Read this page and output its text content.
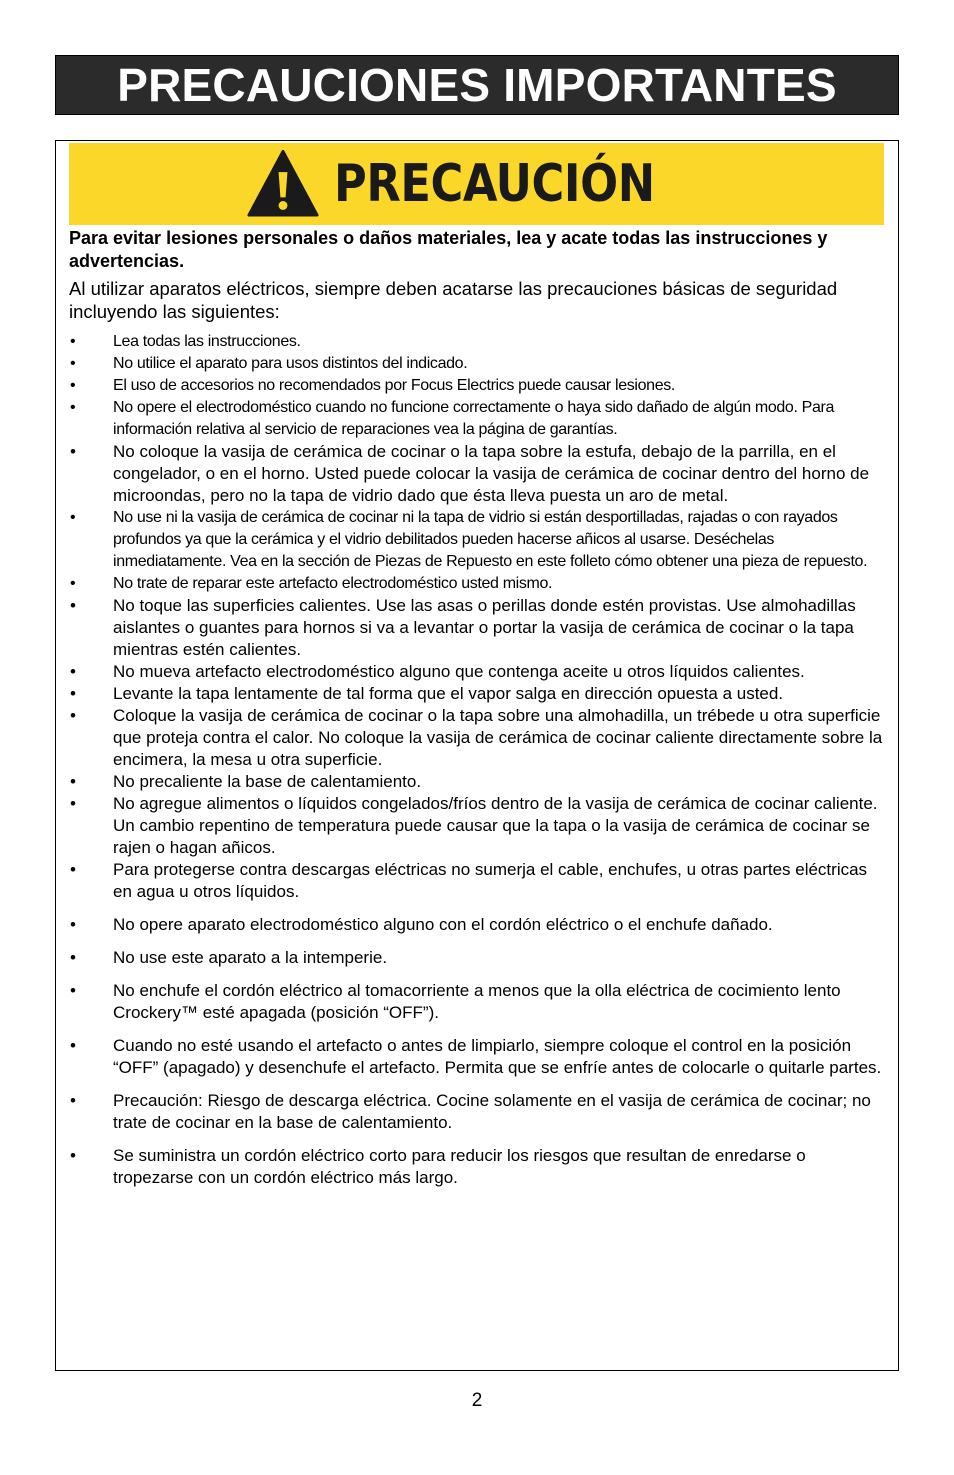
PRECAUCIONES IMPORTANTES
PRECAUCIÓN

Para evitar lesiones personales o daños materiales, lea y acate todas las instrucciones y advertencias.

Al utilizar aparatos eléctricos, siempre deben acatarse las precauciones básicas de seguridad incluyendo las siguientes:

• Lea todas las instrucciones.
• No utilice el aparato para usos distintos del indicado.
• El uso de accesorios no recomendados por Focus Electrics puede causar lesiones.
• No opere el electrodoméstico cuando no funcione correctamente o haya sido dañado de algún modo. Para información relativa al servicio de reparaciones vea la página de garantías.
• No coloque la vasija de cerámica de cocinar o la tapa sobre la estufa, debajo de la parrilla, en el congelador, o en el horno. Usted puede colocar la vasija de cerámica de cocinar dentro del horno de microondas, pero no la tapa de vidrio dado que ésta lleva puesta un aro de metal.
• No use ni la vasija de cerámica de cocinar ni la tapa de vidrio si están desportilladas, rajadas o con rayados profundos ya que la cerámica y el vidrio debilitados pueden hacerse añicos al usarse. Deséchelas inmediatamente. Vea en la sección de Piezas de Repuesto en este folleto cómo obtener una pieza de repuesto.
• No trate de reparar este artefacto electrodoméstico usted mismo.
• No toque las superficies calientes. Use las asas o perillas donde estén provistas. Use almohadillas aislantes o guantes para hornos si va a levantar o portar la vasija de cerámica de cocinar o la tapa mientras estén calientes.
• No mueva artefacto electrodoméstico alguno que contenga aceite u otros líquidos calientes.
• Levante la tapa lentamente de tal forma que el vapor salga en dirección opuesta a usted.
• Coloque la vasija de cerámica de cocinar o la tapa sobre una almohadilla, un trébede u otra superficie que proteja contra el calor. No coloque la vasija de cerámica de cocinar caliente directamente sobre la encimera, la mesa u otra superficie.
• No precaliente la base de calentamiento.
• No agregue alimentos o líquidos congelados/fríos dentro de la vasija de cerámica de cocinar caliente. Un cambio repentino de temperatura puede causar que la tapa o la vasija de cerámica de cocinar se rajen o hagan añicos.
• Para protegerse contra descargas eléctricas no sumerja el cable, enchufes, u otras partes eléctricas en agua u otros líquidos.
• No opere aparato electrodoméstico alguno con el cordón eléctrico o el enchufe dañado.
• No use este aparato a la intemperie.
• No enchufe el cordón eléctrico al tomacorriente a menos que la olla eléctrica de cocimiento lento Crockery™ esté apagada (posición “OFF”).
• Cuando no esté usando el artefacto o antes de limpiarlo, siempre coloque el control en la posición “OFF” (apagado) y desenchufe el artefacto. Permita que se enfríe antes de colocarle o quitarle partes.
• Precaución: Riesgo de descarga eléctrica. Cocine solamente en el vasija de cerámica de cocinar; no trate de cocinar en la base de calentamiento.
• Se suministra un cordón eléctrico corto para reducir los riesgos que resultan de enredarse o tropezarse con un cordón eléctrico más largo.
2
